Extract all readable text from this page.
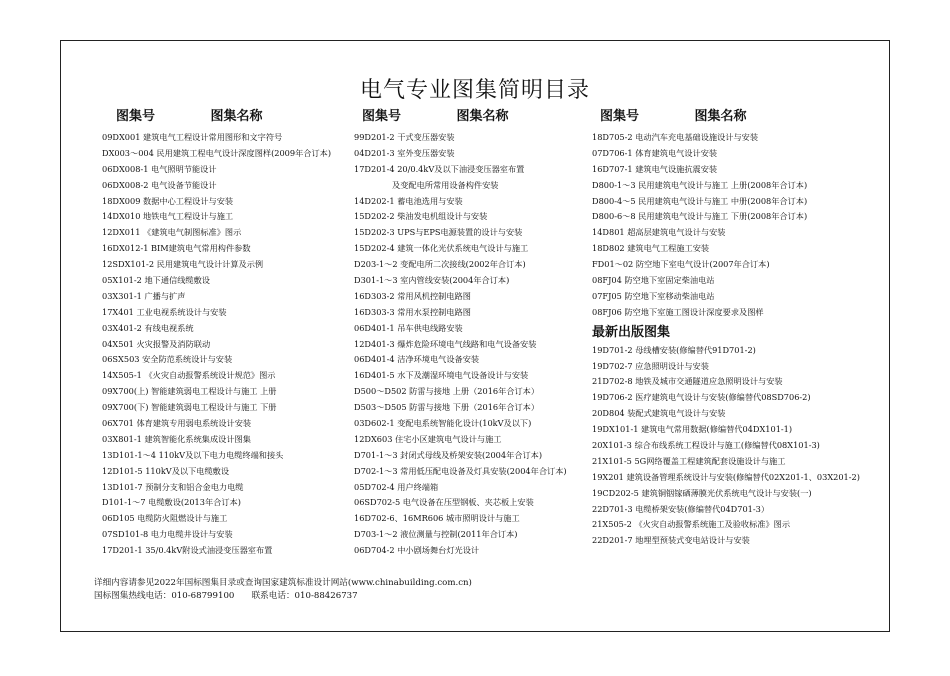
电气专业图集简明目录
图集号	图集名称
09DX001 建筑电气工程设计常用图形和文字符号
DX003～004 民用建筑工程电气设计深度图样(2009年合订本)
06DX008-1 电气照明节能设计
06DX008-2 电气设备节能设计
18DX009 数据中心工程设计与安装
14DX010 地铁电气工程设计与施工
12DX011 《建筑电气制图标准》图示
16DX012-1 BIM建筑电气常用构件参数
12SDX101-2 民用建筑电气设计计算及示例
05X101-2 地下通信线缆敷设
03X301-1 广播与扩声
17X401 工业电视系统设计与安装
03X401-2 有线电视系统
04X501 火灾报警及消防联动
06SX503 安全防范系统设计与安装
14X505-1 《火灾自动报警系统设计规范》图示
09X700(上) 智能建筑弱电工程设计与施工 上册
09X700(下) 智能建筑弱电工程设计与施工 下册
06X701 体育建筑专用弱电系统设计安装
03X801-1 建筑智能化系统集成设计图集
13D101-1～4 110kV及以下电力电缆终端和接头
12D101-5 110kV及以下电缆敷设
13D101-7 预制分支和铝合金电力电缆
D101-1～7 电缆敷设(2013年合订本)
06D105 电缆防火阻燃设计与施工
07SD101-8 电力电缆井设计与安装
17D201-1 35/0.4kV附设式油浸变压器室布置
图集号	图集名称
99D201-2 干式变压器安装
04D201-3 室外变压器安装
17D201-4 20/0.4kV及以下油浸变压器室布置
及变配电所常用设备构件安装
14D202-1 蓄电池选用与安装
15D202-2 柴油发电机组设计与安装
15D202-3 UPS与EPS电源装置的设计与安装
15D202-4 建筑一体化光伏系统电气设计与施工
D203-1～2 变配电所二次接线(2002年合订本)
D301-1～3 室内管线安装(2004年合订本)
16D303-2 常用风机控制电路图
16D303-3 常用水泵控制电路图
06D401-1 吊车供电线路安装
12D401-3 爆炸危险环境电气线路和电气设备安装
06D401-4 洁净环境电气设备安装
16D401-5 水下及潮湿环境电气设备设计与安装
D500～D502 防雷与接地 上册（2016年合订本）
D503～D505 防雷与接地 下册（2016年合订本）
03D602-1 变配电系统智能化设计(10kV及以下)
12DX603 住宅小区建筑电气设计与施工
D701-1～3 封闭式母线及桥架安装(2004年合订本)
D702-1～3 常用低压配电设备及灯具安装(2004年合订本)
05D702-4 用户终端箱
06SD702-5 电气设备在压型钢板、夹芯板上安装
16D702-6、16MR606 城市照明设计与施工
D703-1～2 液位测量与控制(2011年合订本)
06D704-2 中小剧场舞台灯光设计
图集号	图集名称
18D705-2 电动汽车充电基础设施设计与安装
07D706-1 体育建筑电气设计安装
16D707-1 建筑电气设施抗震安装
D800-1～3 民用建筑电气设计与施工 上册(2008年合订本)
D800-4～5 民用建筑电气设计与施工 中册(2008年合订本)
D800-6～8 民用建筑电气设计与施工 下册(2008年合订本)
14D801 超高层建筑电气设计与安装
18D802 建筑电气工程施工安装
FD01～02 防空地下室电气设计(2007年合订本)
08FJ04 防空地下室固定柴油电站
07FJ05 防空地下室移动柴油电站
08FJ06 防空地下室施工图设计深度要求及图样
最新出版图集
19D701-2 母线槽安装(修编替代91D701-2)
19D702-7 应急照明设计与安装
21D702-8 地铁及城市交通隧道应急照明设计与安装
19D706-2 医疗建筑电气设计与安装(修编替代08SD706-2)
20D804 装配式建筑电气设计与安装
19DX101-1 建筑电气常用数据(修编替代04DX101-1)
20X101-3 综合布线系统工程设计与施工(修编替代08X101-3)
21X101-5 5G网络覆盖工程建筑配套设施设计与施工
19X201 建筑设备管理系统设计与安装(修编替代02X201-1、03X201-2)
19CD202-5 建筑铜铟镓硒薄膜光伏系统电气设计与安装(一)
22D701-3 电缆桥架安装(修编替代04D701-3）
21X505-2 《火灾自动报警系统施工及验收标准》图示
22D201-7 地埋型预装式变电站设计与安装
详细内容请参见2022年国标图集目录或查询国家建筑标准设计网站(www.chinabuilding.com.cn)
国标图集热线电话：010-68799100　　联系电话：010-88426737
